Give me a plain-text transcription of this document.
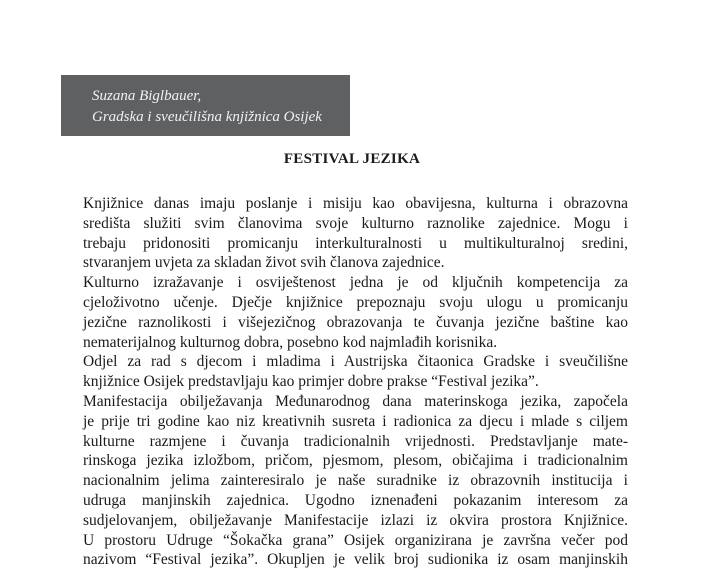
Suzana Biglbauer,
Gradska i sveučilišna knjižnica Osijek
FESTIVAL JEZIKA
Knjižnice danas imaju poslanje i misiju kao obavijesna, kulturna i obrazovna
središta služiti svim članovima svoje kulturno raznolike zajednice. Mogu i
trebaju pridonositi promicanju interkulturalnosti u multikulturalnoj sredini,
stvaranjem uvjeta za skladan život svih članova zajednice.
Kulturno izražavanje i osviještenost jedna je od ključnih kompetencija za
cjeloživotno učenje. Dječje knjižnice prepoznaju svoju ulogu u promicanju
jezične raznolikosti i višejezičnog obrazovanja te čuvanja jezične baštine kao
nematerijalnog kulturnog dobra, posebno kod najmlađih korisnika.
Odjel za rad s djecom i mladima i Austrijska čitaonica Gradske i sveučilišne
knjižnice Osijek predstavljaju kao primjer dobre prakse “Festival jezika”.
Manifestacija obilježavanja Međunarodnog dana materinskoga jezika, započela
je prije tri godine kao niz kreativnih susreta i radionica za djecu i mlade s ciljem
kulturne razmjene i čuvanja tradicionalnih vrijednosti. Predstavljanje mate-
rinskoga jezika izložbom, pričom, pjesmom, plesom, običajima i tradicionalnim
nacionalnim jelima zainteresiralo je naše suradnike iz obrazovnih institucija i
udruga manjinskih zajednica. Ugodno iznenađeni pokazanim interesom za
sudjelovanjem, obilježavanje Manifestacije izlazi iz okvira prostora Knjižnice.
U prostoru Udruge “Šokačka grana” Osijek organizirana je završna večer pod
nazivom “Festival jezika”. Okupljen je velik broj sudionika iz osam manjinskih
